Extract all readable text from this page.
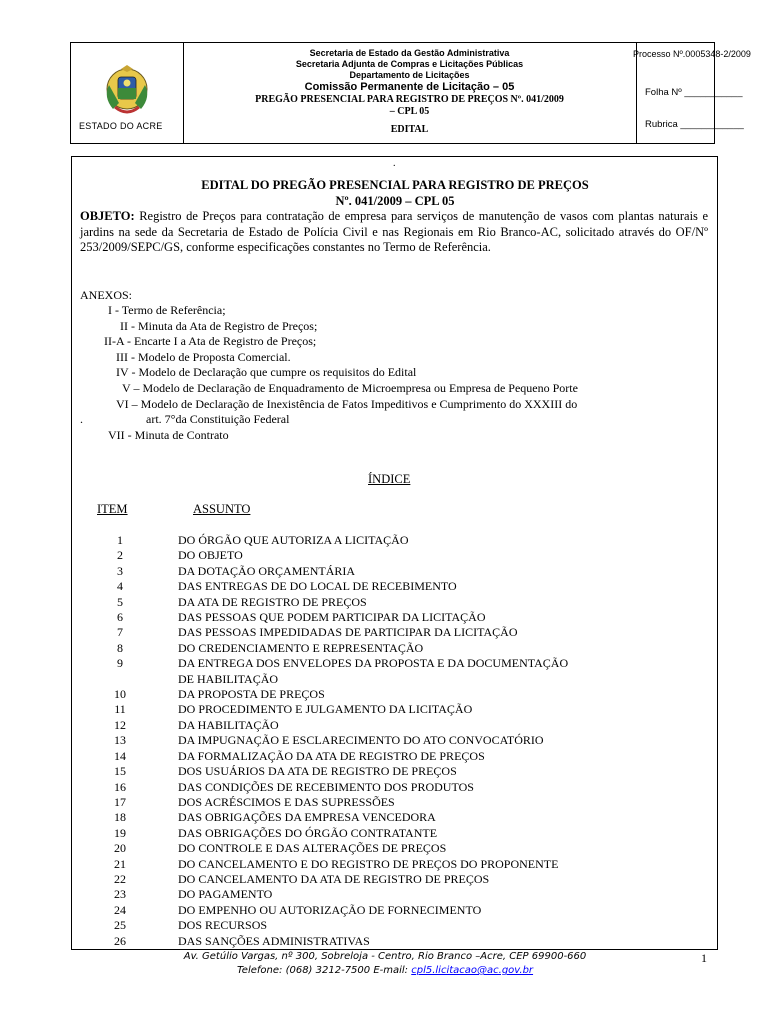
ESTADO DO ACRE
Secretaria de Estado da Gestão Administrativa
Secretaria Adjunta de Compras e Licitações Públicas
Departamento de Licitações
Comissão Permanente de Licitação – 05
PREGÃO PRESENCIAL PARA REGISTRO DE PREÇOS Nº. 041/2009
– CPL 05
EDITAL
Processo Nº.0005348-2/2009
Folha Nº ___________
Rubrica ____________
.
EDITAL DO PREGÃO PRESENCIAL PARA REGISTRO DE PREÇOS
Nº. 041/2009 – CPL 05
OBJETO: Registro de Preços para contratação de empresa para serviços de manutenção de vasos com plantas naturais e jardins na sede da Secretaria de Estado de Polícia Civil e nas Regionais em Rio Branco-AC, solicitado através do OF/Nº 253/2009/SEPC/GS, conforme especificações constantes no Termo de Referência.
ANEXOS:
I - Termo de Referência;
II - Minuta da Ata de Registro de Preços;
II-A - Encarte I a Ata de Registro de Preços;
III - Modelo de Proposta Comercial.
IV - Modelo de Declaração que cumpre os requisitos do Edital
V – Modelo de Declaração de Enquadramento de Microempresa ou Empresa de Pequeno Porte
VI – Modelo de Declaração de Inexistência de Fatos Impeditivos e Cumprimento do XXXIII do
art. 7°da Constituição Federal
VII - Minuta de Contrato
.
ÍNDICE
ITEM	ASSUNTO
1	DO ÓRGÃO QUE AUTORIZA A LICITAÇÃO
2	DO OBJETO
3	DA DOTAÇÃO ORÇAMENTÁRIA
4	DAS ENTREGAS DE DO LOCAL DE RECEBIMENTO
5	DA ATA DE REGISTRO DE PREÇOS
6	DAS PESSOAS QUE PODEM PARTICIPAR DA LICITAÇÃO
7	DAS PESSOAS IMPEDIDADAS DE PARTICIPAR DA LICITAÇÃO
8	DO CREDENCIAMENTO E REPRESENTAÇÃO
9	DA ENTREGA DOS ENVELOPES DA PROPOSTA E DA DOCUMENTAÇÃO
DE HABILITAÇÃO
10	DA PROPOSTA DE PREÇOS
11	DO PROCEDIMENTO E JULGAMENTO DA LICITAÇÃO
12	DA HABILITAÇÃO
13	DA IMPUGNAÇÃO E ESCLARECIMENTO DO ATO CONVOCATÓRIO
14	DA FORMALIZAÇÃO DA ATA DE REGISTRO DE PREÇOS
15	DOS USUÁRIOS DA ATA DE REGISTRO DE PREÇOS
16	DAS CONDIÇÕES DE RECEBIMENTO DOS PRODUTOS
17	DOS ACRÉSCIMOS E DAS SUPRESSÕES
18	DAS OBRIGAÇÕES DA EMPRESA VENCEDORA
19	DAS OBRIGAÇÕES DO ÓRGÃO CONTRATANTE
20	DO CONTROLE E DAS ALTERAÇÕES DE PREÇOS
21	DO CANCELAMENTO E DO REGISTRO DE PREÇOS DO PROPONENTE
22	DO CANCELAMENTO DA ATA DE REGISTRO DE PREÇOS
23	DO PAGAMENTO
24	DO EMPENHO OU AUTORIZAÇÃO DE FORNECIMENTO
25	DOS RECURSOS
26	DAS SANÇÕES ADMINISTRATIVAS
Av. Getúlio Vargas, nº 300, Sobreloja - Centro, Rio Branco –Acre, CEP 69900-660
Telefone: (068) 3212-7500 E-mail: cpl5.licitacao@ac.gov.br
1
